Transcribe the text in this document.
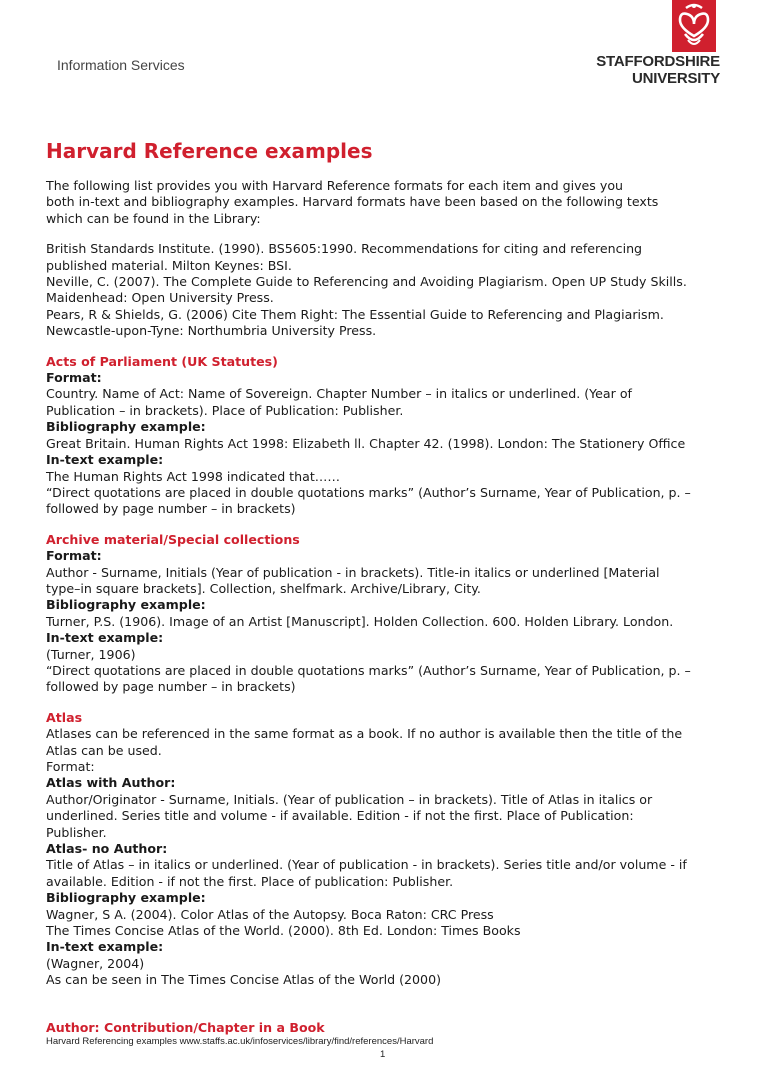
Information Services	STAFFORDSHIRE
UNIVERSITY
Harvard Reference examples
The following list provides you with Harvard Reference formats for each item and gives you
both in-text and bibliography examples. Harvard formats have been based on the following texts
which can be found in the Library:
British Standards Institute. (1990). BS5605:1990. Recommendations for citing and referencing
published material. Milton Keynes: BSI.
Neville, C. (2007). The Complete Guide to Referencing and Avoiding Plagiarism. Open UP Study Skills.
Maidenhead: Open University Press.
Pears, R & Shields, G. (2006) Cite Them Right: The Essential Guide to Referencing and Plagiarism.
Newcastle-upon-Tyne: Northumbria University Press.
Acts of Parliament (UK Statutes)
Format:
Country. Name of Act: Name of Sovereign. Chapter Number – in italics or underlined. (Year of
Publication – in brackets). Place of Publication: Publisher.
Bibliography example:
Great Britain. Human Rights Act 1998: Elizabeth ll. Chapter 42. (1998). London: The Stationery Office
In-text example:
The Human Rights Act 1998 indicated that……
“Direct quotations are placed in double quotations marks” (Author’s Surname, Year of Publication, p. –
followed by page number – in brackets)
Archive material/Special collections
Format:
Author - Surname, Initials (Year of publication - in brackets). Title-in italics or underlined [Material
type–in square brackets]. Collection, shelfmark. Archive/Library, City.
Bibliography example:
Turner, P.S. (1906). Image of an Artist [Manuscript]. Holden Collection. 600. Holden Library. London.
In-text example:
(Turner, 1906)
“Direct quotations are placed in double quotations marks” (Author’s Surname, Year of Publication, p. –
followed by page number – in brackets)
Atlas
Atlases can be referenced in the same format as a book. If no author is available then the title of the
Atlas can be used.
Format:
Atlas with Author:
Author/Originator - Surname, Initials. (Year of publication – in brackets). Title of Atlas in italics or
underlined. Series title and volume - if available. Edition - if not the first. Place of Publication:
Publisher.
Atlas- no Author:
Title of Atlas – in italics or underlined. (Year of publication - in brackets). Series title and/or volume - if
available. Edition - if not the first. Place of publication: Publisher.
Bibliography example:
Wagner, S A. (2004). Color Atlas of the Autopsy. Boca Raton: CRC Press
The Times Concise Atlas of the World. (2000). 8th Ed. London: Times Books
In-text example:
(Wagner, 2004)
As can be seen in The Times Concise Atlas of the World (2000)
Author: Contribution/Chapter in a Book
Harvard Referencing examples www.staffs.ac.uk/infoservices/library/find/references/Harvard
1
